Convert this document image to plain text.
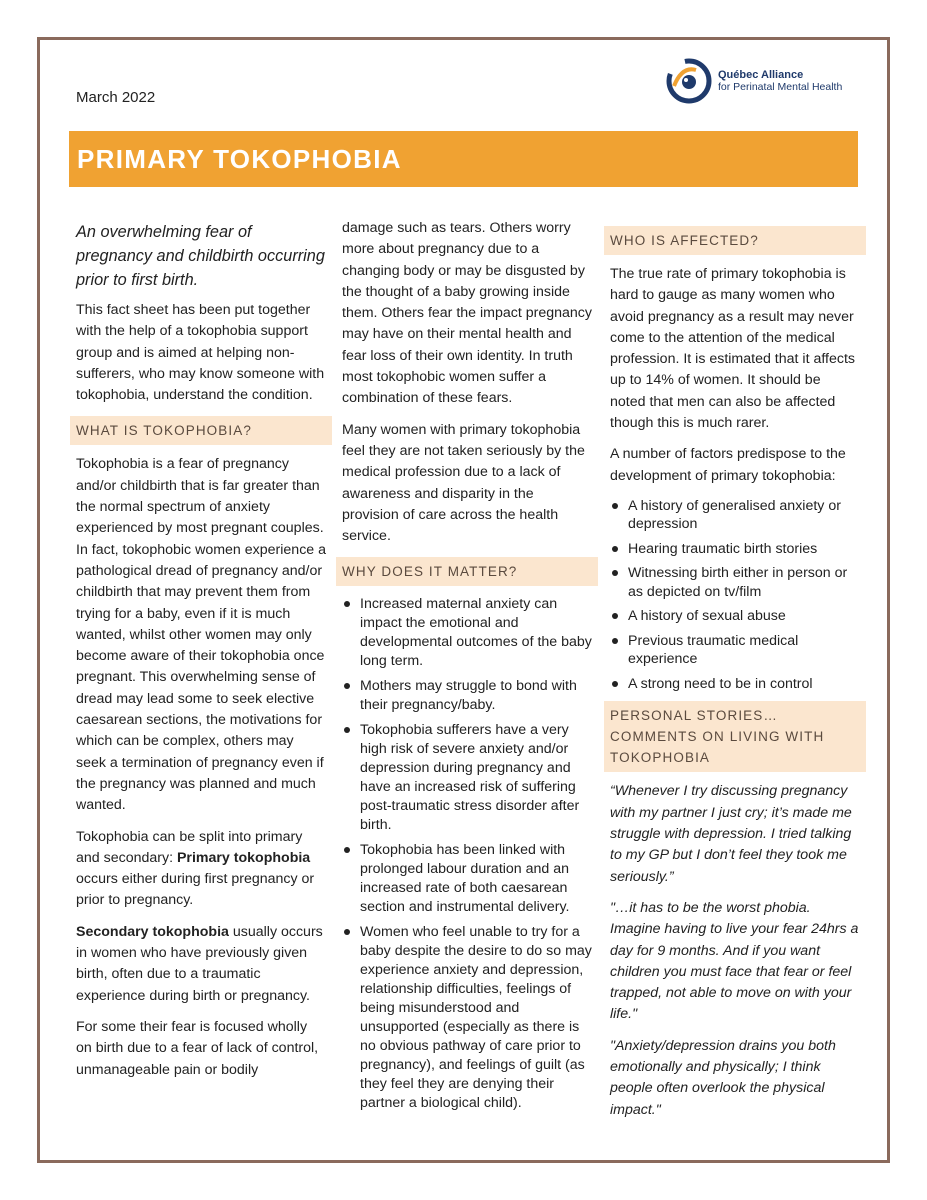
March 2022
Québec Alliance
for Perinatal Mental Health
PRIMARY TOKOPHOBIA

An overwhelming fear of pregnancy and childbirth occurring prior to first birth.

This fact sheet has been put together with the help of a tokophobia support group and is aimed at helping non-sufferers, who may know someone with tokophobia, understand the condition.

WHAT IS TOKOPHOBIA?

Tokophobia is a fear of pregnancy and/or childbirth that is far greater than the normal spectrum of anxiety experienced by most pregnant couples. In fact, tokophobic women experience a pathological dread of pregnancy and/or childbirth that may prevent them from trying for a baby, even if it is much wanted, whilst other women may only become aware of their tokophobia once pregnant. This overwhelming sense of dread may lead some to seek elective caesarean sections, the motivations for which can be complex, others may seek a termination of pregnancy even if the pregnancy was planned and much wanted.

Tokophobia can be split into primary and secondary: Primary tokophobia occurs either during first pregnancy or prior to pregnancy.

Secondary tokophobia usually occurs in women who have previously given birth, often due to a traumatic experience during birth or pregnancy.

For some their fear is focused wholly on birth due to a fear of lack of control, unmanageable pain or bodily

damage such as tears. Others worry more about pregnancy due to a changing body or may be disgusted by the thought of a baby growing inside them. Others fear the impact pregnancy may have on their mental health and fear loss of their own identity. In truth most tokophobic women suffer a combination of these fears.

Many women with primary tokophobia feel they are not taken seriously by the medical profession due to a lack of awareness and disparity in the provision of care across the health service.

WHY DOES IT MATTER?
Increased maternal anxiety can impact the emotional and developmental outcomes of the baby long term.
Mothers may struggle to bond with their pregnancy/baby.
Tokophobia sufferers have a very high risk of severe anxiety and/or depression during pregnancy and have an increased risk of suffering post-traumatic stress disorder after birth.
Tokophobia has been linked with prolonged labour duration and an increased rate of both caesarean section and instrumental delivery.
Women who feel unable to try for a baby despite the desire to do so may experience anxiety and depression, relationship difficulties, feelings of being misunderstood and unsupported (especially as there is no obvious pathway of care prior to pregnancy), and feelings of guilt (as they feel they are denying their partner a biological child).
WHO IS AFFECTED?

The true rate of primary tokophobia is hard to gauge as many women who avoid pregnancy as a result may never come to the attention of the medical profession. It is estimated that it affects up to 14% of women. It should be noted that men can also be affected though this is much rarer.

A number of factors predispose to the development of primary tokophobia:

A history of generalised anxiety or depression
Hearing traumatic birth stories
Witnessing birth either in person or as depicted on tv/film
A history of sexual abuse
Previous traumatic medical experience
A strong need to be in control
PERSONAL STORIES… COMMENTS ON LIVING WITH TOKOPHOBIA

“Whenever I try discussing pregnancy with my partner I just cry; it’s made me struggle with depression. I tried talking to my GP but I don’t feel they took me seriously.”

"…it has to be the worst phobia. Imagine having to live your fear 24hrs a day for 9 months. And if you want children you must face that fear or feel trapped, not able to move on with your life."

"Anxiety/depression drains you both emotionally and physically; I think people often overlook the physical impact."
